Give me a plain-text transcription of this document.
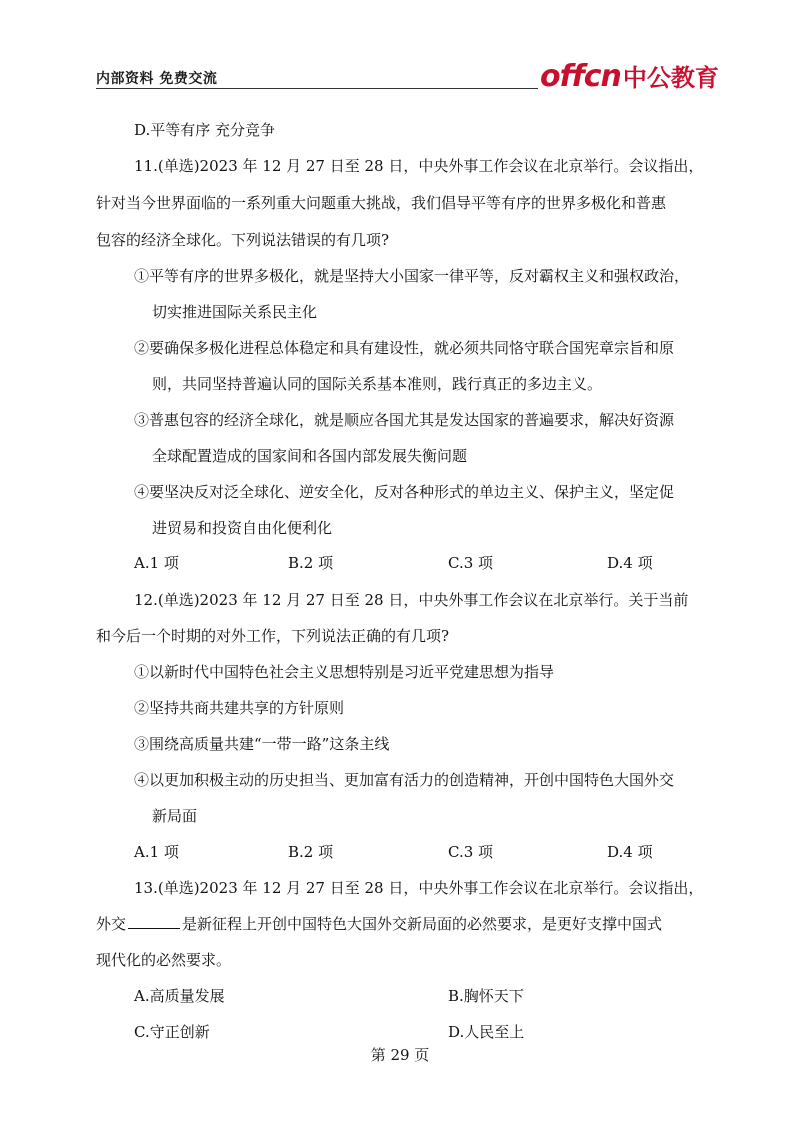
内部资料 免费交流	offcn 中公教育
D.平等有序 充分竞争
11.(单选)2023 年 12 月 27 日至 28 日，中央外事工作会议在北京举行。会议指出，
针对当今世界面临的一系列重大问题重大挑战，我们倡导平等有序的世界多极化和普惠
包容的经济全球化。下列说法错误的有几项?
①平等有序的世界多极化，就是坚持大小国家一律平等，反对霸权主义和强权政治，
切实推进国际关系民主化
②要确保多极化进程总体稳定和具有建设性，就必须共同恪守联合国宪章宗旨和原
则，共同坚持普遍认同的国际关系基本准则，践行真正的多边主义。
③普惠包容的经济全球化，就是顺应各国尤其是发达国家的普遍要求，解决好资源
全球配置造成的国家间和各国内部发展失衡问题
④要坚决反对泛全球化、逆安全化，反对各种形式的单边主义、保护主义，坚定促
进贸易和投资自由化便利化
A.1 项	B.2 项	C.3 项	D.4 项
12.(单选)2023 年 12 月 27 日至 28 日，中央外事工作会议在北京举行。关于当前
和今后一个时期的对外工作，下列说法正确的有几项?
①以新时代中国特色社会主义思想特别是习近平党建思想为指导
②坚持共商共建共享的方针原则
③围绕高质量共建“一带一路”这条主线
④以更加积极主动的历史担当、更加富有活力的创造精神，开创中国特色大国外交
新局面
A.1 项	B.2 项	C.3 项	D.4 项
13.(单选)2023 年 12 月 27 日至 28 日，中央外事工作会议在北京举行。会议指出，
外交	是新征程上开创中国特色大国外交新局面的必然要求，是更好支撑中国式
现代化的必然要求。
A.高质量发展	B.胸怀天下
C.守正创新	D.人民至上
第 29 页
